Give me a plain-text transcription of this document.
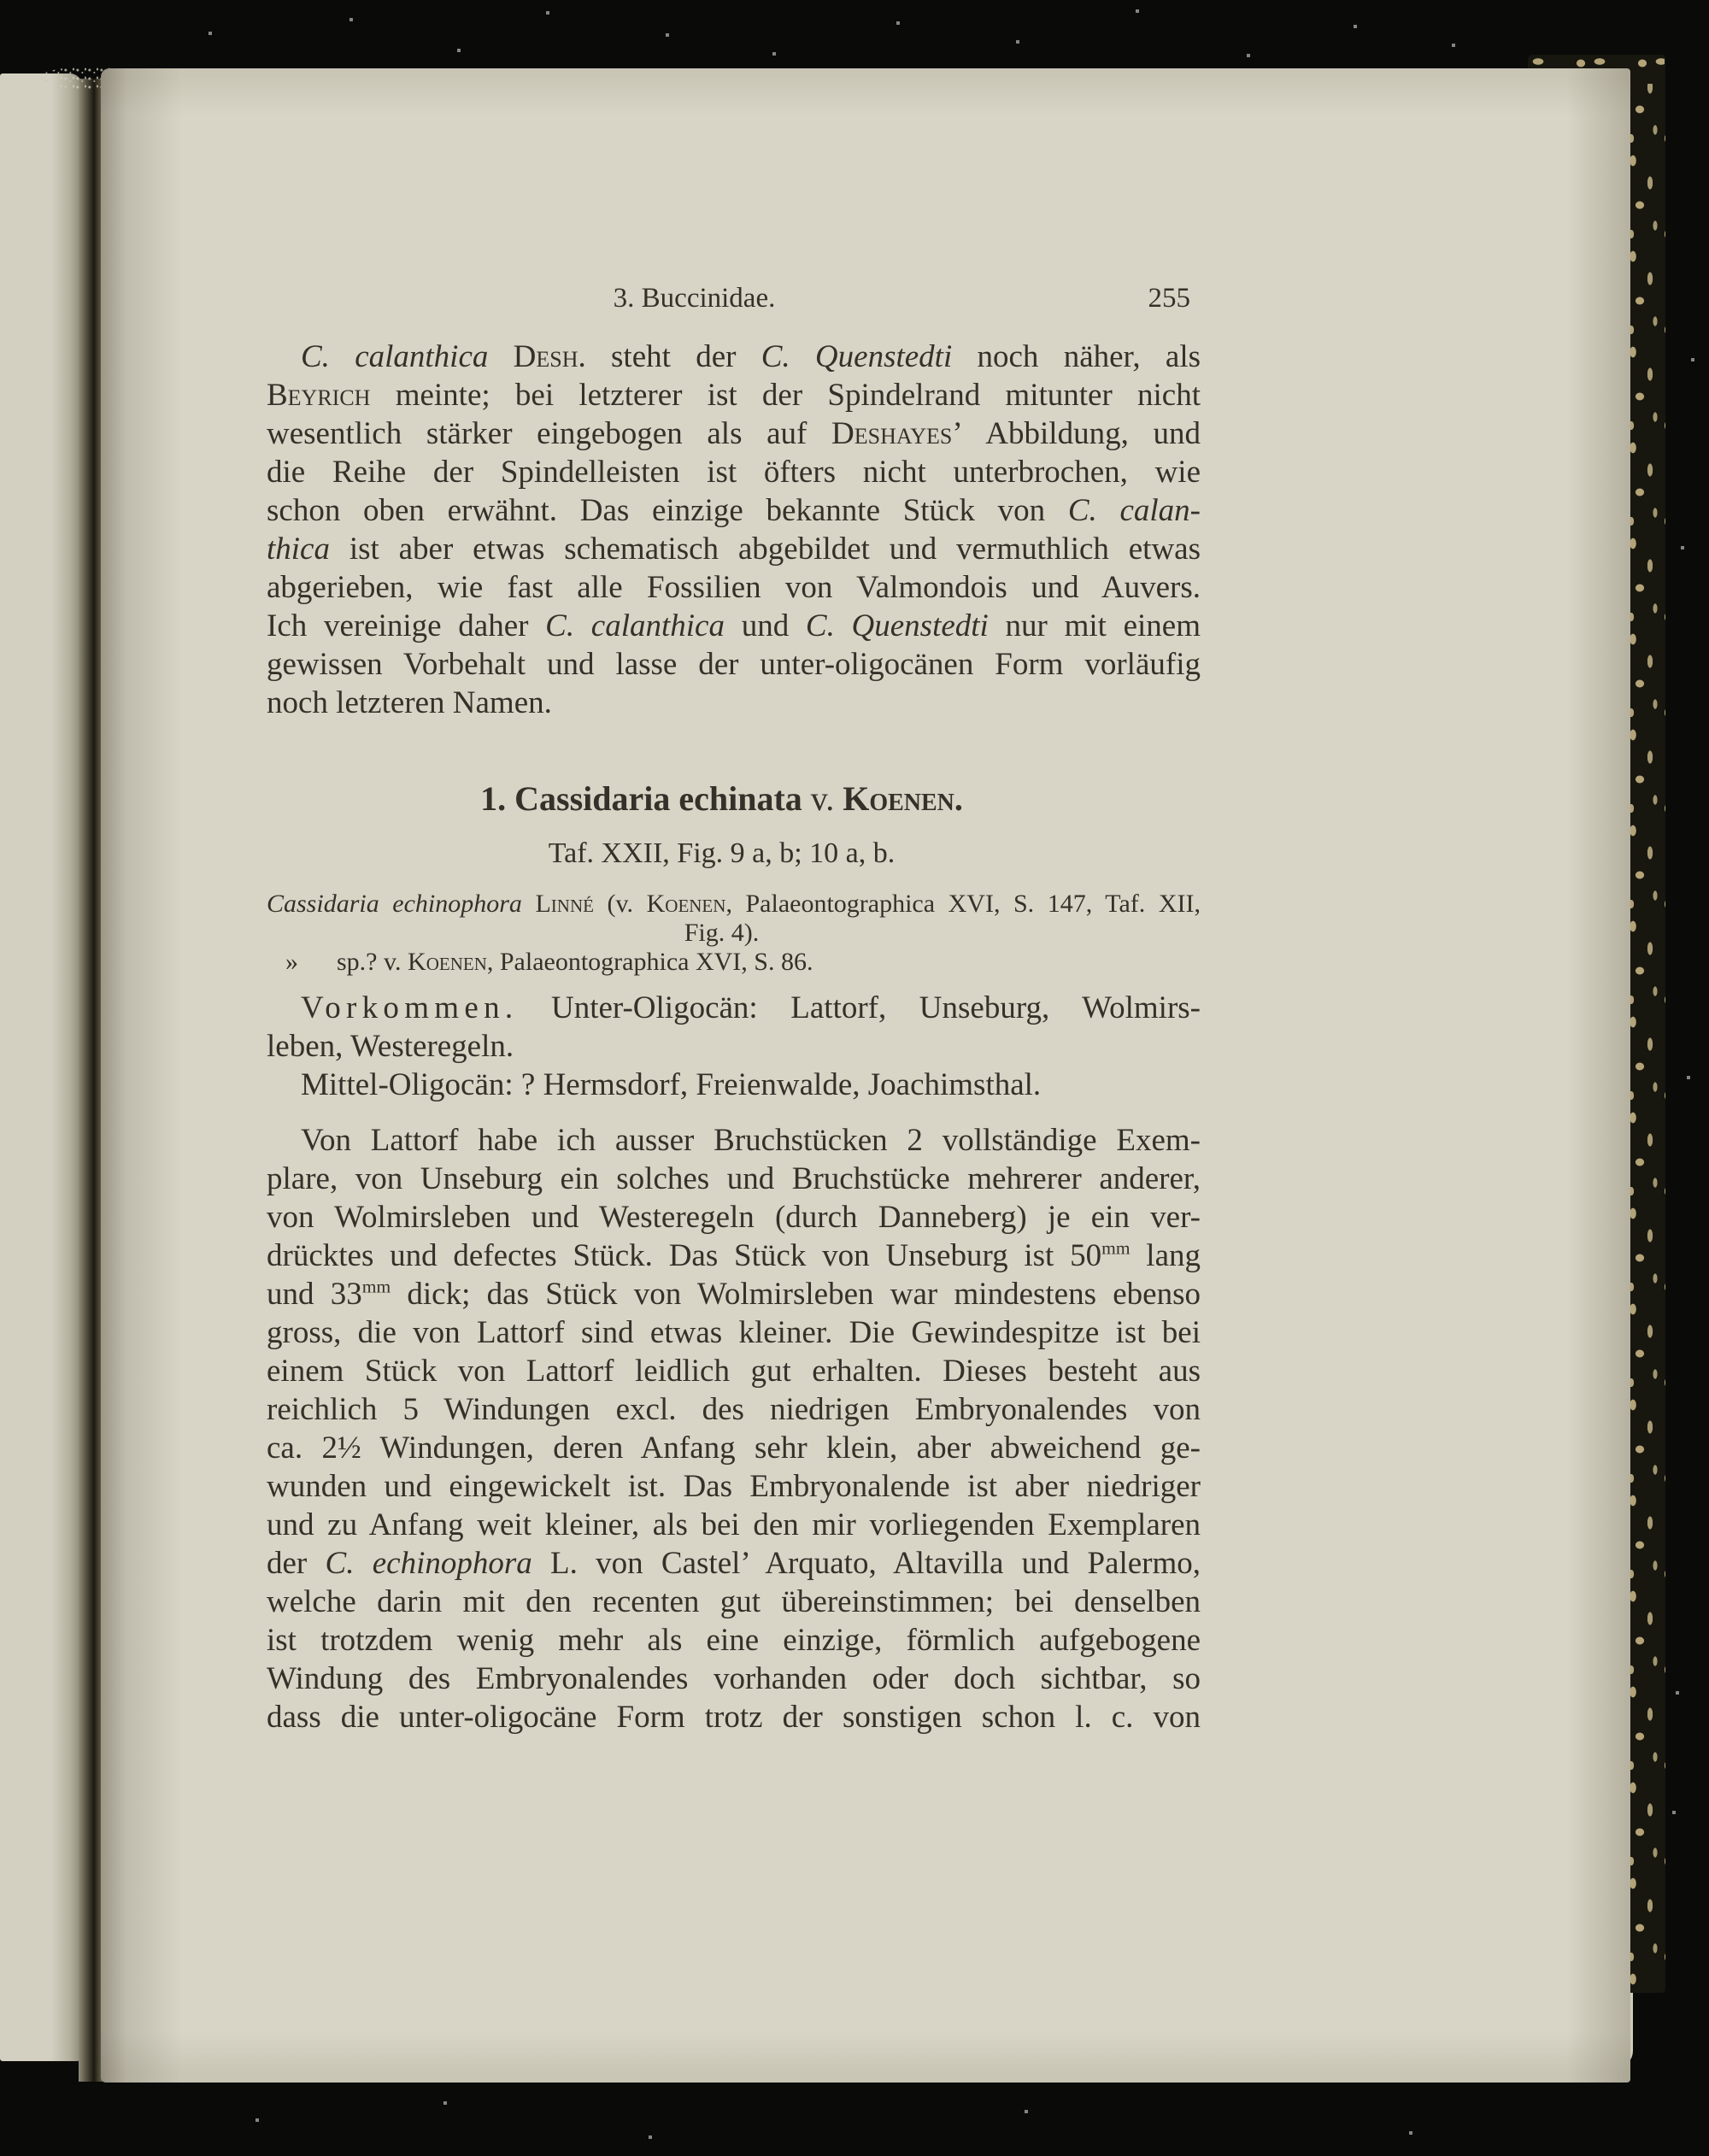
3. Buccinidae.	255
C. calanthica Desh. steht der C. Quenstedti noch näher, als
Beyrich meinte; bei letzterer ist der Spindelrand mitunter nicht
wesentlich stärker eingebogen als auf Deshayes’ Abbildung, und
die Reihe der Spindelleisten ist öfters nicht unterbrochen, wie
schon oben erwähnt. Das einzige bekannte Stück von C. calan-
thica ist aber etwas schematisch abgebildet und vermuthlich etwas
abgerieben, wie fast alle Fossilien von Valmondois und Auvers.
Ich vereinige daher C. calanthica und C. Quenstedti nur mit einem
gewissen Vorbehalt und lasse der unter-oligocänen Form vorläufig
noch letzteren Namen.
1. Cassidaria echinata v. Koenen.
Taf. XXII, Fig. 9 a, b; 10 a, b.
Cassidaria echinophora Linné (v. Koenen, Palaeontographica XVI, S. 147, Taf. XII,
Fig. 4).
»  sp.? v. Koenen, Palaeontographica XVI, S. 86.
Vorkommen. Unter-Oligocän: Lattorf, Unseburg, Wolmirs-
leben, Westeregeln.
Mittel-Oligocän: ? Hermsdorf, Freienwalde, Joachimsthal.
Von Lattorf habe ich ausser Bruchstücken 2 vollständige Exem-
plare, von Unseburg ein solches und Bruchstücke mehrerer anderer,
von Wolmirsleben und Westeregeln (durch Danneberg) je ein ver-
drücktes und defectes Stück. Das Stück von Unseburg ist $50^{mm}$ lang
und $33^{mm}$ dick; das Stück von Wolmirsleben war mindestens ebenso
gross, die von Lattorf sind etwas kleiner. Die Gewindespitze ist bei
einem Stück von Lattorf leidlich gut erhalten. Dieses besteht aus
reichlich 5 Windungen excl. des niedrigen Embryonalendes von
ca. 2½ Windungen, deren Anfang sehr klein, aber abweichend ge-
wunden und eingewickelt ist. Das Embryonalende ist aber niedriger
und zu Anfang weit kleiner, als bei den mir vorliegenden Exemplaren
der C. echinophora L. von Castel’ Arquato, Altavilla und Palermo,
welche darin mit den recenten gut übereinstimmen; bei denselben
ist trotzdem wenig mehr als eine einzige, förmlich aufgebogene
Windung des Embryonalendes vorhanden oder doch sichtbar, so
dass die unter-oligocäne Form trotz der sonstigen schon l. c. von
